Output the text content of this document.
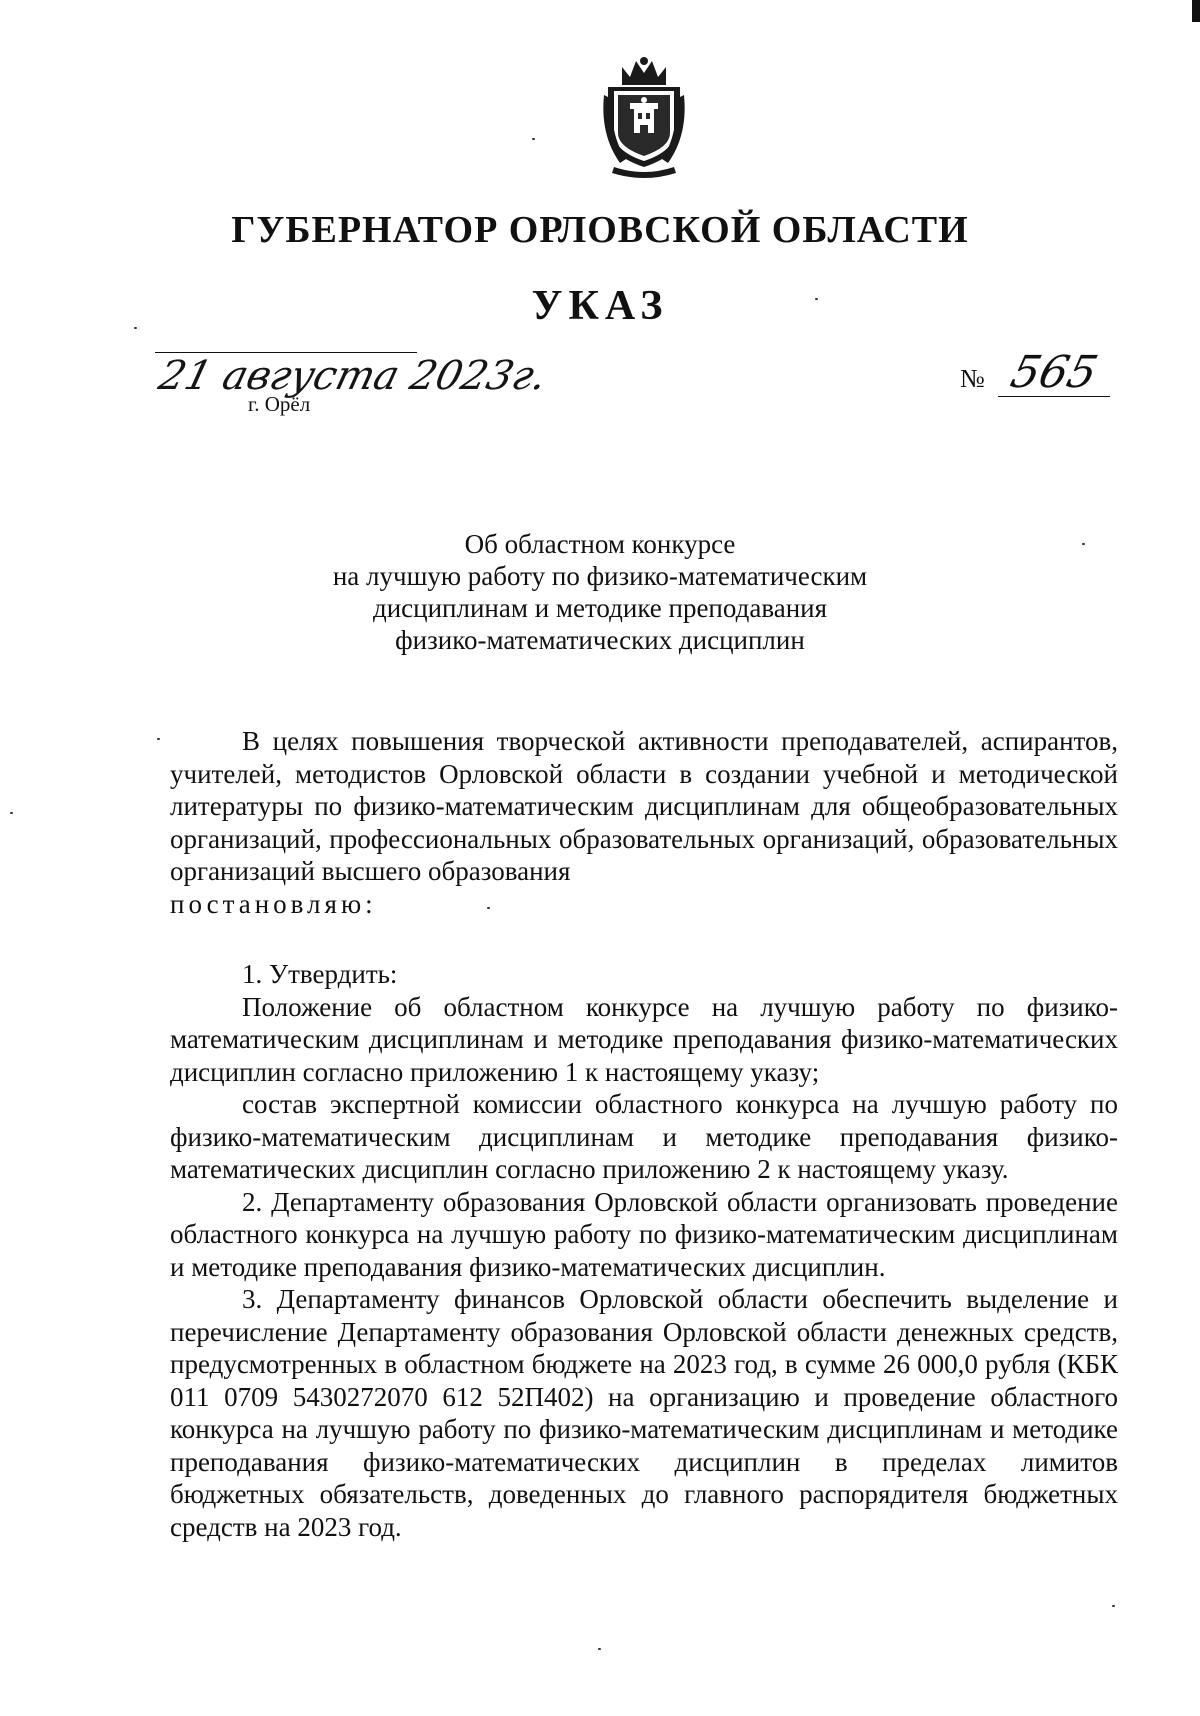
ГУБЕРНАТОР ОРЛОВСКОЙ ОБЛАСТИ
УКАЗ
21 августа 2023г.
г. Орёл
№ 565
Об областном конкурсе
на лучшую работу по физико-математическим
дисциплинам и методике преподавания
физико-математических дисциплин

В целях повышения творческой активности преподавателей, аспирантов, учителей, методистов Орловской области в создании учебной и методической литературы по физико-математическим дисциплинам для общеобразовательных организаций, профессиональных образовательных организаций, образовательных организаций высшего образования

постановляю:

1. Утвердить:

Положение об областном конкурсе на лучшую работу по физико-математическим дисциплинам и методике преподавания физико-математических дисциплин согласно приложению 1 к настоящему указу;

состав экспертной комиссии областного конкурса на лучшую работу по физико-математическим дисциплинам и методике преподавания физико-математических дисциплин согласно приложению 2 к настоящему указу.

2. Департаменту образования Орловской области организовать проведение областного конкурса на лучшую работу по физико-математическим дисциплинам и методике преподавания физико-математических дисциплин.

3. Департаменту финансов Орловской области обеспечить выделение и перечисление Департаменту образования Орловской области денежных средств, предусмотренных в областном бюджете на 2023 год, в сумме 26 000,0 рубля (КБК 011 0709 5430272070 612 52П402) на организацию и проведение областного конкурса на лучшую работу по физико-математическим дисциплинам и методике преподавания физико-математических дисциплин в пределах лимитов бюджетных обязательств, доведенных до главного распорядителя бюджетных средств на 2023 год.
